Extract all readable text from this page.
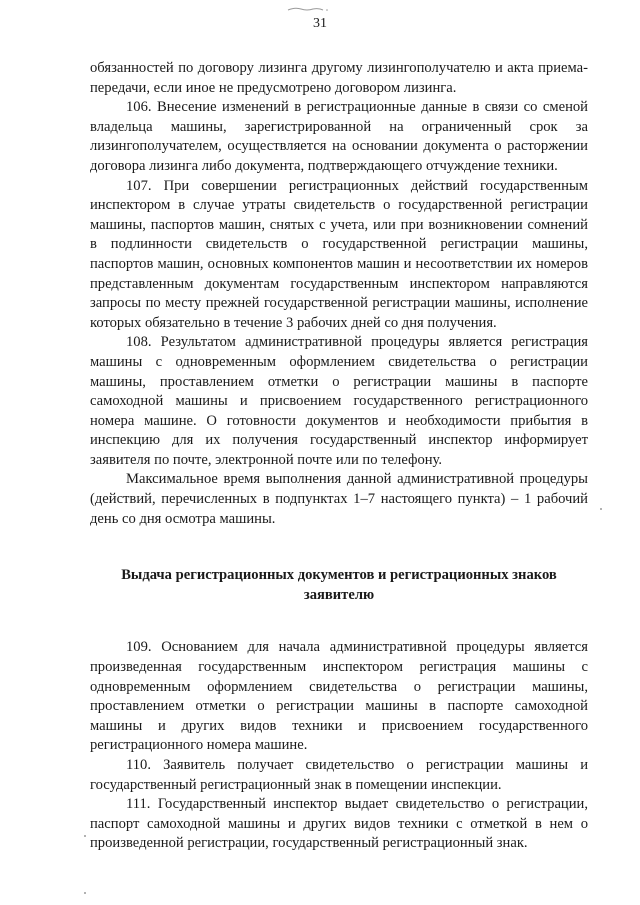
31

обязанностей по договору лизинга другому лизингополучателю и акта приема-передачи, если иное не предусмотрено договором лизинга.

106. Внесение изменений в регистрационные данные в связи со сменой владельца машины, зарегистрированной на ограниченный срок за лизингополучателем, осуществляется на основании документа о расторжении договора лизинга либо документа, подтверждающего отчуждение техники.

107. При совершении регистрационных действий государственным инспектором в случае утраты свидетельств о государственной регистрации машины, паспортов машин, снятых с учета, или при возникновении сомнений в подлинности свидетельств о государственной регистрации машины, паспортов машин, основных компонентов машин и несоответствии их номеров представленным документам государственным инспектором направляются запросы по месту прежней государственной регистрации машины, исполнение которых обязательно в течение 3 рабочих дней со дня получения.

108. Результатом административной процедуры является регистрация машины с одновременным оформлением свидетельства о регистрации машины, проставлением отметки о регистрации машины в паспорте самоходной машины и присвоением государственного регистрационного номера машине. О готовности документов и необходимости прибытия в инспекцию для их получения государственный инспектор информирует заявителя по почте, электронной почте или по телефону.

Максимальное время выполнения данной административной процедуры (действий, перечисленных в подпунктах 1–7 настоящего пункта) – 1 рабочий день со дня осмотра машины.

Выдача регистрационных документов и регистрационных знаков заявителю

109. Основанием для начала административной процедуры является произведенная государственным инспектором регистрация машины с одновременным оформлением свидетельства о регистрации машины, проставлением отметки о регистрации машины в паспорте самоходной машины и других видов техники и присвоением государственного регистрационного номера машине.

110. Заявитель получает свидетельство о регистрации машины и государственный регистрационный знак в помещении инспекции.

111. Государственный инспектор выдает свидетельство о регистрации, паспорт самоходной машины и других видов техники с отметкой в нем о произведенной регистрации, государственный регистрационный знак.
